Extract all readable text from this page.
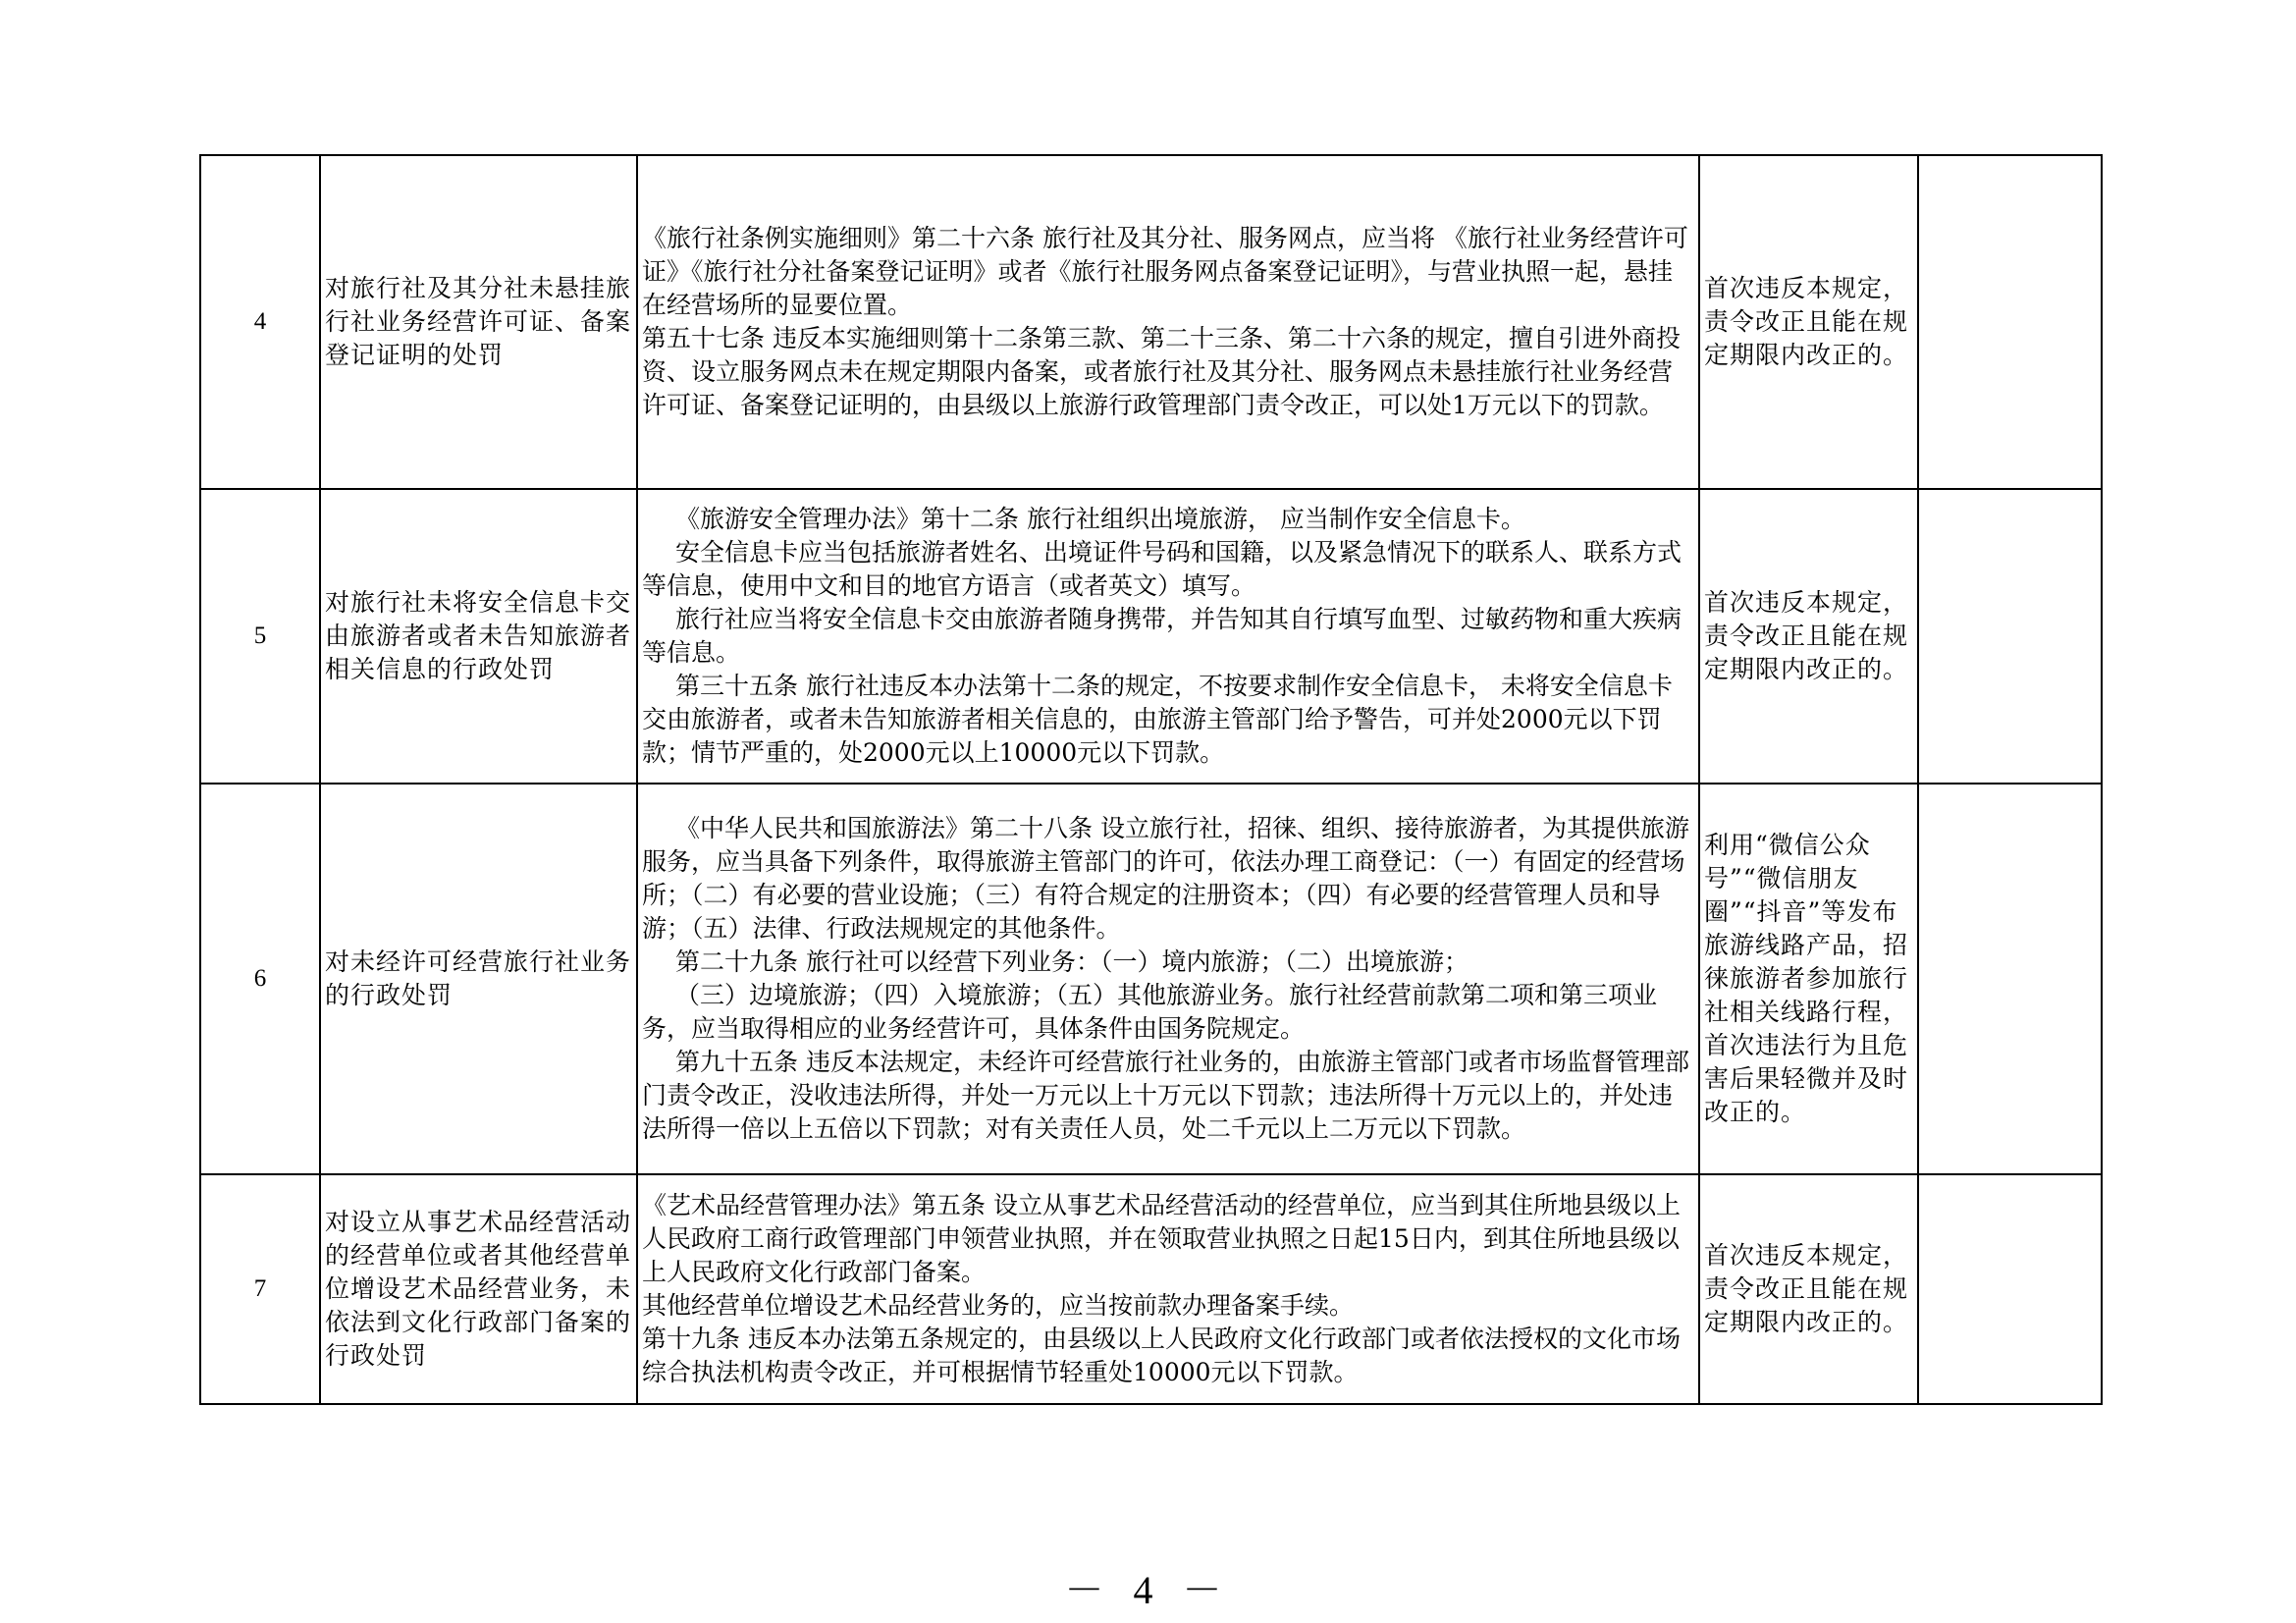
4	对旅行社及其分社未悬挂旅行社业务经营许可证、备案登记证明的处罚	《旅行社条例实施细则》第二十六条 旅行社及其分社、服务网点，应当将 《旅行社业务经营许可证》《旅行社分社备案登记证明》或者《旅行社服务网点备案登记证明》，与营业执照一起，悬挂在经营场所的显要位置。
第五十七条 违反本实施细则第十二条第三款、第二十三条、第二十六条的规定，擅自引进外商投资、设立服务网点未在规定期限内备案，或者旅行社及其分社、服务网点未悬挂旅行社业务经营许可证、备案登记证明的，由县级以上旅游行政管理部门责令改正，可以处1万元以下的罚款。	首次违反本规定，责令改正且能在规定期限内改正的。	
5	对旅行社未将安全信息卡交由旅游者或者未告知旅游者相关信息的行政处罚	《旅游安全管理办法》第十二条 旅行社组织出境旅游， 应当制作安全信息卡。
安全信息卡应当包括旅游者姓名、出境证件号码和国籍，以及紧急情况下的联系人、联系方式等信息，使用中文和目的地官方语言（或者英文）填写。
旅行社应当将安全信息卡交由旅游者随身携带，并告知其自行填写血型、过敏药物和重大疾病等信息。
第三十五条 旅行社违反本办法第十二条的规定，不按要求制作安全信息卡， 未将安全信息卡交由旅游者，或者未告知旅游者相关信息的，由旅游主管部门给予警告，可并处2000元以下罚款；情节严重的，处2000元以上10000元以下罚款。	首次违反本规定，责令改正且能在规定期限内改正的。	
6	对未经许可经营旅行社业务的行政处罚	《中华人民共和国旅游法》第二十八条 设立旅行社，招徕、组织、接待旅游者，为其提供旅游服务，应当具备下列条件，取得旅游主管部门的许可，依法办理工商登记：（一）有固定的经营场所；（二）有必要的营业设施；（三）有符合规定的注册资本；（四）有必要的经营管理人员和导游；（五）法律、行政法规规定的其他条件。
第二十九条 旅行社可以经营下列业务：（一）境内旅游；（二）出境旅游；
（三）边境旅游；（四）入境旅游；（五）其他旅游业务。旅行社经营前款第二项和第三项业务，应当取得相应的业务经营许可，具体条件由国务院规定。
第九十五条 违反本法规定，未经许可经营旅行社业务的，由旅游主管部门或者市场监督管理部门责令改正，没收违法所得，并处一万元以上十万元以下罚款；违法所得十万元以上的，并处违法所得一倍以上五倍以下罚款；对有关责任人员，处二千元以上二万元以下罚款。	利用“微信公众号”“微信朋友圈”“抖音”等发布旅游线路产品，招徕旅游者参加旅行社相关线路行程，首次违法行为且危害后果轻微并及时改正的。	
7	对设立从事艺术品经营活动的经营单位或者其他经营单位增设艺术品经营业务，未依法到文化行政部门备案的行政处罚	《艺术品经营管理办法》第五条 设立从事艺术品经营活动的经营单位，应当到其住所地县级以上人民政府工商行政管理部门申领营业执照，并在领取营业执照之日起15日内，到其住所地县级以上人民政府文化行政部门备案。
其他经营单位增设艺术品经营业务的，应当按前款办理备案手续。
第十九条 违反本办法第五条规定的，由县级以上人民政府文化行政部门或者依法授权的文化市场综合执法机构责令改正，并可根据情节轻重处10000元以下罚款。	首次违反本规定，责令改正且能在规定期限内改正的。	
－ 4 －
